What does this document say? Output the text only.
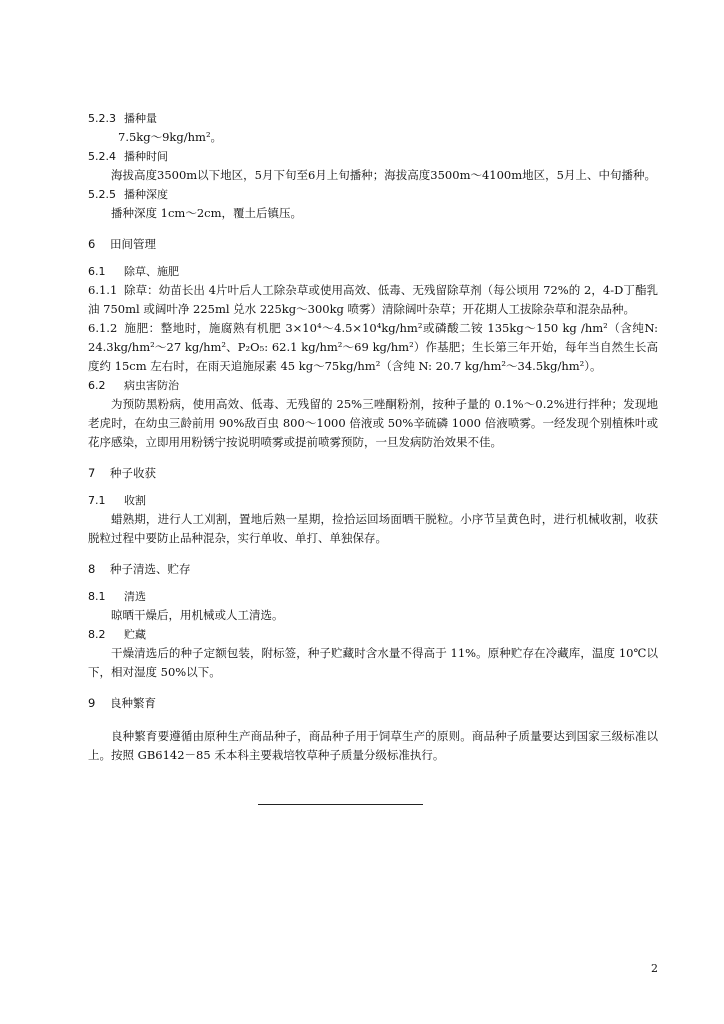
5.2.3 播种量

7.5kg～9kg/hm²。

5.2.4 播种时间

海拔高度3500m以下地区，5月下旬至6月上旬播种；海拔高度3500m～4100m地区，5月上、中旬播种。

5.2.5 播种深度

播种深度 1cm～2cm，覆土后镇压。

6 田间管理
6.1 除草、施肥

6.1.1 除草：幼苗长出 4片叶后人工除杂草或使用高效、低毒、无残留除草剂（每公顷用 72%的 2，4-D丁酯乳油 750ml 或阔叶净 225ml 兑水 225kg～300kg 喷雾）清除阔叶杂草；开花期人工拔除杂草和混杂品种。

6.1.2 施肥：整地时，施腐熟有机肥 3×10⁴～4.5×10⁴kg/hm²或磷酸二铵 135kg～150 kg /hm²（含纯N: 24.3kg/hm²～27 kg/hm²、P₂O₅: 62.1 kg/hm²～69 kg/hm²）作基肥；生长第三年开始，每年当自然生长高度约 15cm 左右时，在雨天追施尿素 45 kg～75kg/hm²（含纯 N: 20.7 kg/hm²～34.5kg/hm²）。

6.2 病虫害防治

为预防黑粉病，使用高效、低毒、无残留的 25%三唑酮粉剂，按种子量的 0.1%～0.2%进行拌种；发现地老虎时，在幼虫三龄前用 90%敌百虫 800～1000 倍液或 50%辛硫磷 1000 倍液喷雾。一经发现个别植株叶或花序感染，立即用用粉锈宁按说明喷雾或提前喷雾预防，一旦发病防治效果不佳。

7 种子收获
7.1 收割

蜡熟期，进行人工刈割，置地后熟一星期，捡拾运回场面晒干脱粒。小序节呈黄色时，进行机械收割，收获脱粒过程中要防止品种混杂，实行单收、单打、单独保存。

8 种子清选、贮存
8.1 清选

晾晒干燥后，用机械或人工清选。

8.2 贮藏

干燥清选后的种子定额包装，附标签，种子贮藏时含水量不得高于 11%。原种贮存在冷藏库，温度 10℃以下，相对湿度 50%以下。

9 良种繁育

良种繁育要遵循由原种生产商品种子，商品种子用于饲草生产的原则。商品种子质量要达到国家三级标准以上。按照 GB6142－85 禾本科主要栽培牧草种子质量分级标准执行。

2
